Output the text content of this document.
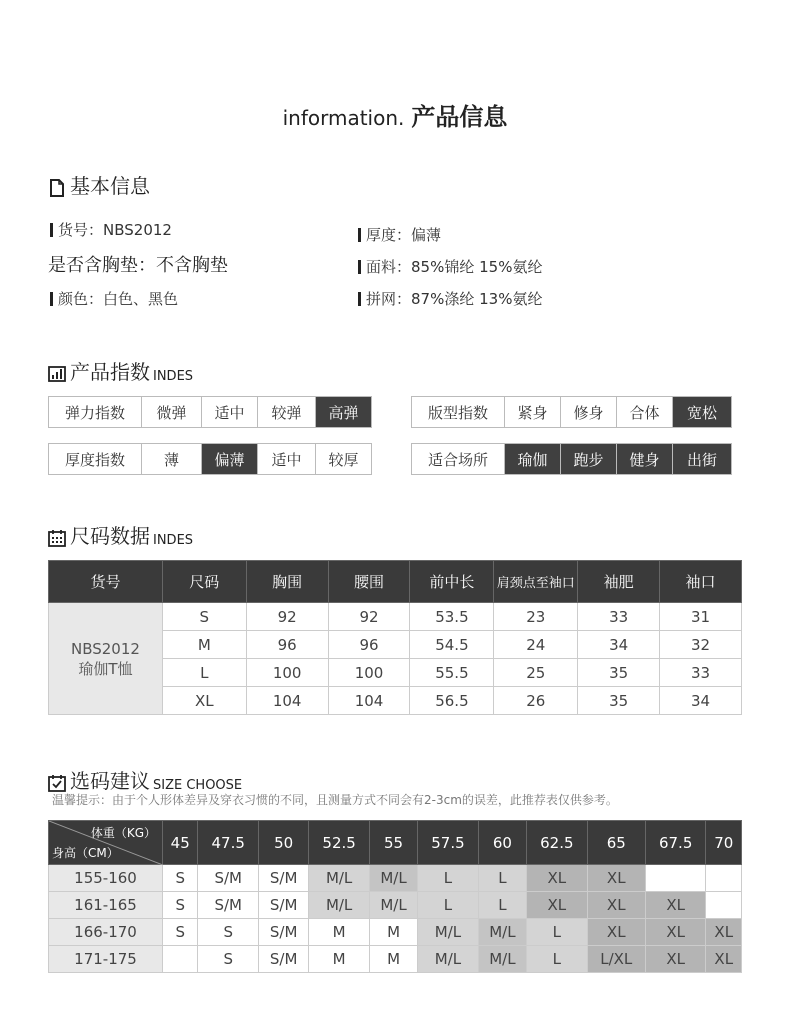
information. 产品信息
基本信息
货号：NBS2012
是否含胸垫：不含胸垫
颜色：白色、黑色
厚度：偏薄
面料：85%锦纶 15%氨纶
拼网：87%涤纶 13%氨纶
产品指数 INDES
弹力指数	微弹	适中	较弹	高弹	版型指数	紧身	修身	合体	宽松
厚度指数	薄	偏薄	适中	较厚	适合场所	瑜伽	跑步	健身	出街
尺码数据 INDES
货号	尺码	胸围	腰围	前中长	肩颈点至袖口	袖肥	袖口

NBS2012
瑜伽T恤	S	92	92	53.5	23	33	31
	M	96	96	54.5	24	34	32
	L	100	100	55.5	25	35	33
	XL	104	104	56.5	26	35	34
选码建议 SIZE CHOOSE
温馨提示：由于个人形体差异及穿衣习惯的不同，且测量方式不同会有2-3cm的误差，此推荐表仅供参考。
体重（KG）
身高（CM）	45	47.5	50	52.5	55	57.5	60	62.5	65	67.5	70
155-160	S	S/M	S/M	M/L	M/L	L	L	XL	XL		
161-165	S	S/M	S/M	M/L	M/L	L	L	XL	XL	XL	
166-170	S	S	S/M	M	M	M/L	M/L	L	XL	XL	XL
171-175		S	S/M	M	M	M/L	M/L	L	L/XL	XL	XL
